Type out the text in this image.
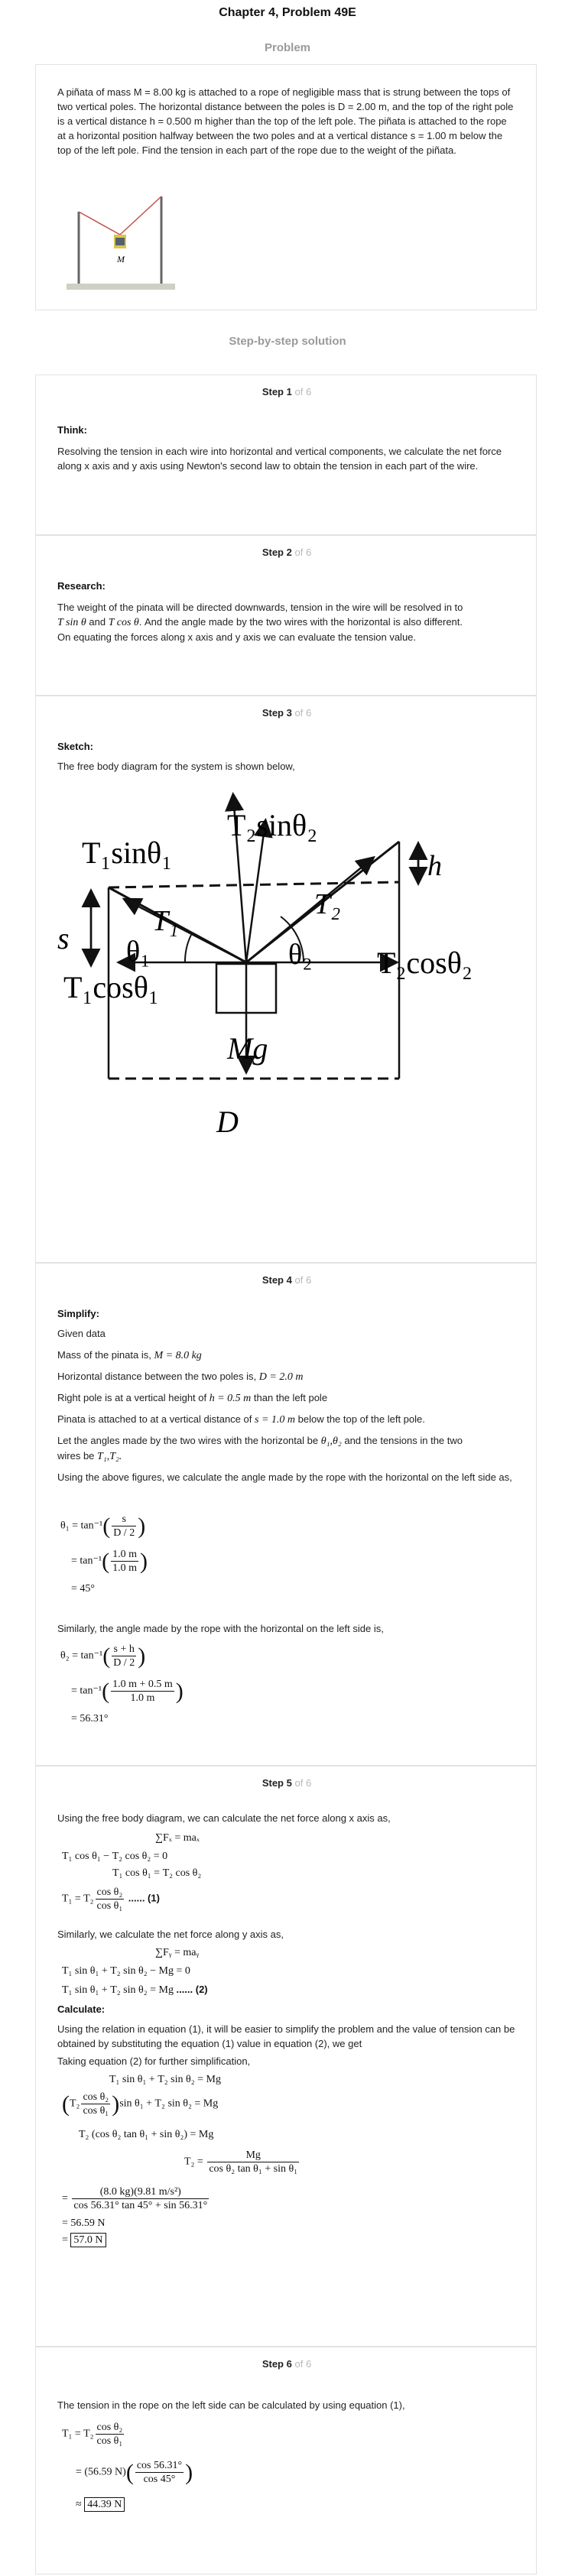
Chapter 4, Problem 49E
Problem

A piñata of mass M = 8.00 kg is attached to a rope of negligible mass that is strung between the tops of two vertical poles. The horizontal distance between the poles is D = 2.00 m, and the top of the right pole is a vertical distance h = 0.500 m higher than the top of the left pole. The piñata is attached to the rope at a horizontal position halfway between the two poles and at a vertical distance s = 1.00 m below the top of the left pole. Find the tension in each part of the rope due to the weight of the piñata.

M
Step-by-step solution
Step 1 of 6
Think:

Resolving the tension in each wire into horizontal and vertical components, we calculate the net force along x axis and y axis using Newton's second law to obtain the tension in each part of the wire.

Step 2 of 6
Research:
The weight of the pinata will be directed downwards, tension in the wire will be resolved in to
T sin θ and T cos θ. And the angle made by the two wires with the horizontal is also different.
On equating the forces along x axis and y axis we can evaluate the tension value.
Step 3 of 6
Sketch:

The free body diagram for the system is shown below,

T₁sinθ₁
T₂sinθ₂
h
T₁
T₂
s θ₁	θ₂ T₂cosθ₂
T₁cosθ₁
Mg
D
Step 4 of 6
Simplify:
Given data
Mass of the pinata is, M = 8.0 kg
Horizontal distance between the two poles is, D = 2.0 m
Right pole is at a vertical height of h = 0.5 m than the left pole
Pinata is attached to at a vertical distance of s = 1.0 m below the top of the left pole.
Let the angles made by the two wires with the horizontal be θ₁,θ₂ and the tensions in the two
wires be T₁,T₂.
Using the above figures, we calculate the angle made by the rope with the horizontal on the left side as,
$\theta_1 = \tan^{-1}( \frac{s}{D / 2}$ )
= $\tan^{-1}( \frac{1.0 m}{1.0 m}$ )
= 45°

Similarly, the angle made by the rope with the horizontal on the left side is,

$\theta_2 = \tan^{-1}( \frac{s + h}{D / 2}$ )
= $\tan^{-1}( \frac{1.0 m + 0.5 m}{1.0 m}$ )
= 56.31°
Step 5 of 6

Using the free body diagram, we can calculate the net force along x axis as,

∑Fₓ = maₓ
T₁ cos θ₁ − T₂ cos θ₂ = 0
T₁ cos θ₁ = T₂ cos θ₂
$T_1 = T_2 \frac{\text{cos θ₂}}{\text{cos θ₁}}$ ...... (1)

Similarly, we calculate the net force along y axis as,

∑Fᵧ = maᵧ
T₁ sin θ₁ + T₂ sin θ₂ − Mg = 0
T₁ sin θ₁ + T₂ sin θ₂ = Mg ...... (2)
Calculate:

Using the relation in equation (1), it will be easier to simplify the problem and the value of tension can be obtained by substituting the equation (1) value in equation (2), we get

Taking equation (2) for further simplification,

T₁ sin θ₁ + T₂ sin θ₂ = Mg
$(T_2 \frac{\text{cos θ₂}}{\text{cos θ₁}} )\sin$ θ₁ + T₂ sin θ₂ = Mg
T₂ (cos θ₂ tan θ₁ + sin θ₂) = Mg
$T_2 = \frac{Mg}{\text{cos θ₂ tan θ₁ + sin θ₁}}$
= $\frac{\text{(8.0 kg)(9.81 m/s²)}}{\cos 56.31^\circ \tan 45^\circ + \sin 56.31^\circ}$
= 56.59 N
= 57.0 N
Step 6 of 6

The tension in the rope on the left side can be calculated by using equation (1),

$T_1 = T_2 \frac{\text{cos θ₂}}{\text{cos θ₁}}$
= (56.59 $N)( \frac{\cos 56.31^\circ}{\cos 45^\circ}$ )
≈ 44.39 N
